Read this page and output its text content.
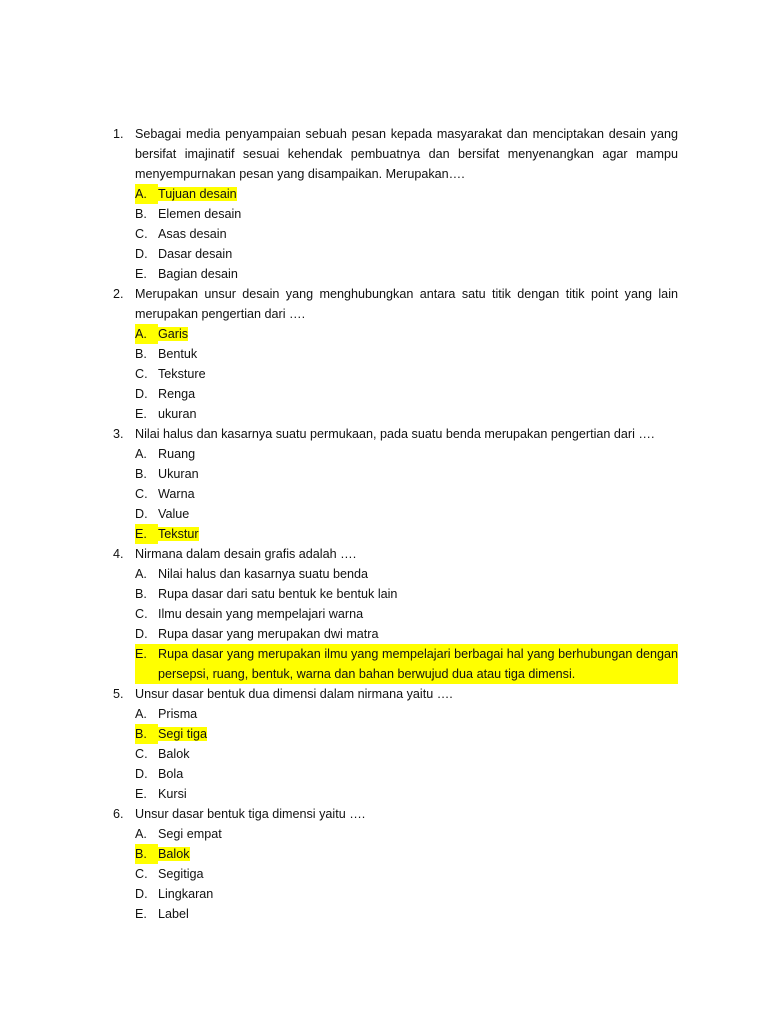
1. Sebagai media penyampaian sebuah pesan kepada masyarakat dan menciptakan desain yang bersifat imajinatif sesuai kehendak pembuatnya dan bersifat menyenangkan agar mampu menyempurnakan pesan yang disampaikan. Merupakan….
A. Tujuan desain
B. Elemen desain
C. Asas desain
D. Dasar desain
E. Bagian desain
2. Merupakan unsur desain yang menghubungkan antara satu titik dengan titik point yang lain merupakan pengertian dari ….
A. Garis
B. Bentuk
C. Teksture
D. Renga
E. ukuran
3. Nilai halus dan kasarnya suatu permukaan, pada suatu benda merupakan pengertian dari ….
A. Ruang
B. Ukuran
C. Warna
D. Value
E. Tekstur
4. Nirmana dalam desain grafis adalah ….
A. Nilai halus dan kasarnya suatu benda
B. Rupa dasar dari satu bentuk ke bentuk lain
C. Ilmu desain yang mempelajari warna
D. Rupa dasar yang merupakan dwi matra
E. Rupa dasar yang merupakan ilmu yang mempelajari berbagai hal yang berhubungan dengan persepsi, ruang, bentuk, warna dan bahan berwujud dua atau tiga dimensi.
5. Unsur dasar bentuk dua dimensi dalam nirmana yaitu ….
A. Prisma
B. Segi tiga
C. Balok
D. Bola
E. Kursi
6. Unsur dasar bentuk tiga dimensi yaitu ….
A. Segi empat
B. Balok
C. Segitiga
D. Lingkaran
E. Label
